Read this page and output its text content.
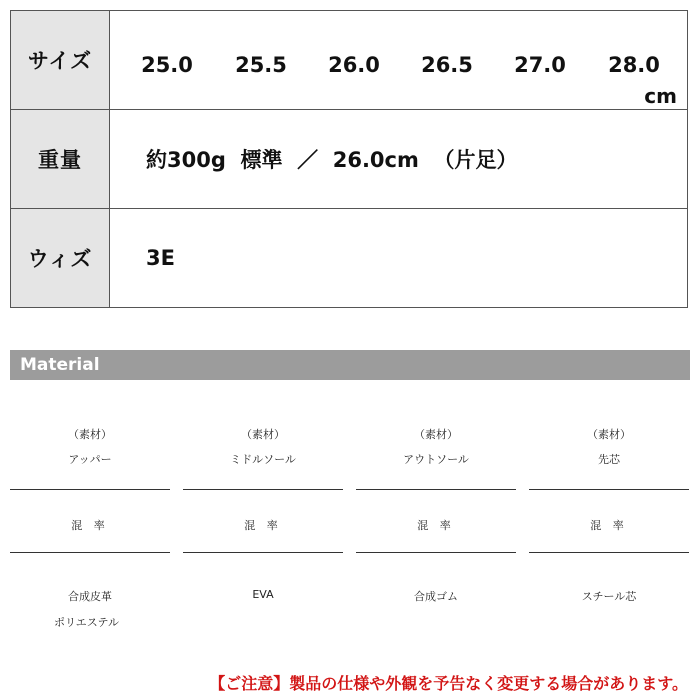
サイズ	25.0	25.5	26.0	26.5	27.0	28.0
cm
重量	約300g  標準  ／  26.0cm  （片足）
ウィズ	3E
Material
（素材）
アッパー
混 率
合成皮革
ポリエステル
（素材）
ミドルソール
混 率
EVA
（素材）
アウトソール
混 率
合成ゴム
（素材）
先芯
混 率
スチール芯
【ご注意】製品の仕様や外観を予告なく変更する場合があります。
